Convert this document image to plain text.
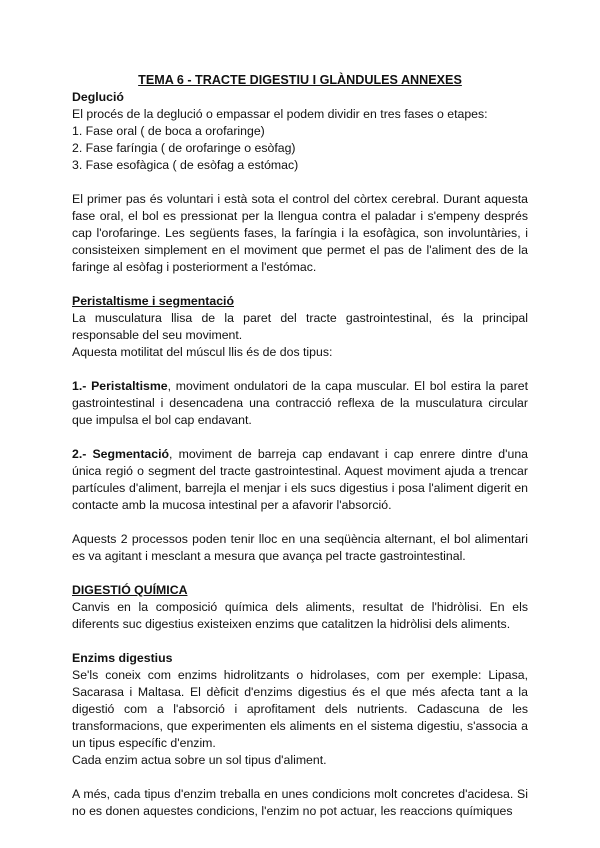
TEMA 6 - TRACTE DIGESTIU I GLÀNDULES ANNEXES
Deglució

El procés de la deglució o empassar el podem dividir en tres fases o etapes:

1. Fase oral ( de boca a orofaringe)
2. Fase faríngia ( de orofaringe o esòfag)
3. Fase esofàgica ( de esòfag a estómac)

El primer pas és voluntari i està sota el control del còrtex cerebral. Durant aquesta fase oral, el bol es pressionat per la llengua contra el paladar i s'empeny després cap l'orofaringe. Les següents fases, la faríngia i la esofàgica, son involuntàries, i consisteixen simplement en el moviment que permet el pas de l'aliment des de la faringe al esòfag i posteriorment a l'estómac.

Peristaltisme i segmentació

La musculatura llisa de la paret del tracte gastrointestinal, és la principal responsable del seu moviment.

Aquesta motilitat del múscul llis és de dos tipus:

1.- Peristaltisme, moviment ondulatori de la capa muscular. El bol estira la paret gastrointestinal i desencadena una contracció reflexa de la musculatura circular que impulsa el bol cap endavant.

2.- Segmentació, moviment de barreja cap endavant i cap enrere dintre d'una única regió o segment del tracte gastrointestinal. Aquest moviment ajuda a trencar partícules d'aliment, barrejla el menjar i els sucs digestius i posa l'aliment digerit en contacte amb la mucosa intestinal per a afavorir l'absorció.

Aquests 2 processos poden tenir lloc en una seqüència alternant, el bol alimentari es va agitant i mesclant a mesura que avança pel tracte gastrointestinal.

DIGESTIÓ QUÍMICA

Canvis en la composició química dels aliments, resultat de l'hidròlisi. En els diferents suc digestius existeixen enzims que catalitzen la hidròlisi dels aliments.

Enzims digestius

Se'ls coneix com enzims hidrolitzants o hidrolases, com per exemple: Lipasa, Sacarasa i Maltasa. El dèficit d'enzims digestius és el que més afecta tant a la digestió com a l'absorció i aprofitament dels nutrients. Cadascuna de les transformacions, que experimenten els aliments en el sistema digestiu, s'associa a un tipus específic d'enzim.

Cada enzim actua sobre un sol tipus d'aliment.

A més, cada tipus d'enzim treballa en unes condicions molt concretes d'acidesa. Si no es donen aquestes condicions, l'enzim no pot actuar, les reaccions químiques
